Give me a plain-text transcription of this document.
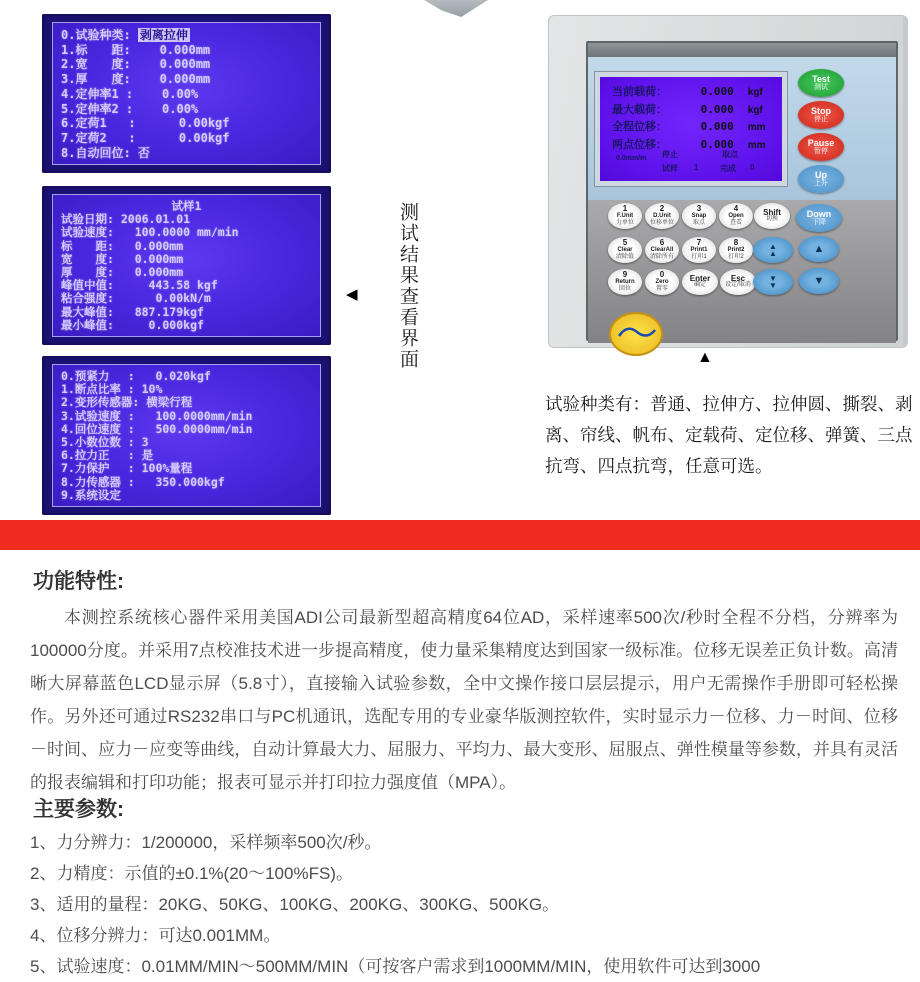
0.试验种类: 剥离拉伸
1.标　　距:    0.000mm
2.宽　　度:    0.000mm
3.厚　　度:    0.000mm
4.定伸率1 :    0.00%
5.定伸率2 :    0.00%
6.定荷1   :      0.00kgf
7.定荷2   :      0.00kgf
8.自动回位: 否
试样1
试验日期: 2006.01.01
试验速度:   100.0000 mm/min
标　　距:   0.000mm
宽　　度:   0.000mm
厚　　度:   0.000mm
峰值中值:     443.58 kgf
粘合强度:      0.00kN/m
最大峰值:   887.179kgf
最小峰值:     0.000kgf
0.预紧力　 :   0.020kgf
1.断点比率 : 10%
2.变形传感器: 横梁行程
3.试验速度 :   100.0000mm/min
4.回位速度 :   500.0000mm/min
5.小数位数 : 3
6.拉力正　 : 是
7.力保护　 : 100%量程
8.力传感器 :   350.000kgf
9.系统设定
◀ 测试结果查看界面
当前载荷：	0.000 kgf
最大载荷：	0.000 kgf
全程位移：	0.000 mm
两点位移：	0.000 mm
0.0mm/m 停止
试样 1
取点
完成 0
Test
测试
Stop
停止
Pause
暂停
Up
上升
Down
下降
1
F.Unit
力单位
2
D.Unit
位移单位
3
Snap
取点
4
Open
查看
Shift
切换
5
Clear
清除值
6
ClearAll
清除所有
7
Print1
打印1
8
Print2
打印2
▲
▲	▲
9
Return
回位
0
Zero
置零
Enter
确定
Esc
设定/取消
▼
▼	▼
▲
试验种类有：普通、拉伸方、拉伸圆、撕裂、剥离、帘线、帆布、定载荷、定位移、弹簧、三点抗弯、四点抗弯，任意可选。
功能特性:
本测控系统核心器件采用美国ADI公司最新型超高精度64位AD，采样速率500次/秒时全程不分档，分辨率为100000分度。并采用7点校准技术进一步提高精度，使力量采集精度达到国家一级标准。位移无误差正负计数。高清晰大屏幕蓝色LCD显示屏（5.8寸），直接输入试验参数，全中文操作接口层层提示，用户无需操作手册即可轻松操作。另外还可通过RS232串口与PC机通讯，选配专用的专业豪华版测控软件，实时显示力－位移、力－时间、位移－时间、应力－应变等曲线，自动计算最大力、屈服力、平均力、最大变形、屈服点、弹性模量等参数，并具有灵活的报表编辑和打印功能；报表可显示并打印拉力强度值（MPA）。
主要参数:
1、力分辨力：1/200000，采样频率500次/秒。
2、力精度：示值的±0.1%(20～100%FS)。
3、适用的量程：20KG、50KG、100KG、200KG、300KG、500KG。
4、位移分辨力：可达0.001MM。
5、试验速度：0.01MM/MIN～500MM/MIN（可按客户需求到1000MM/MIN，使用软件可达到3000
